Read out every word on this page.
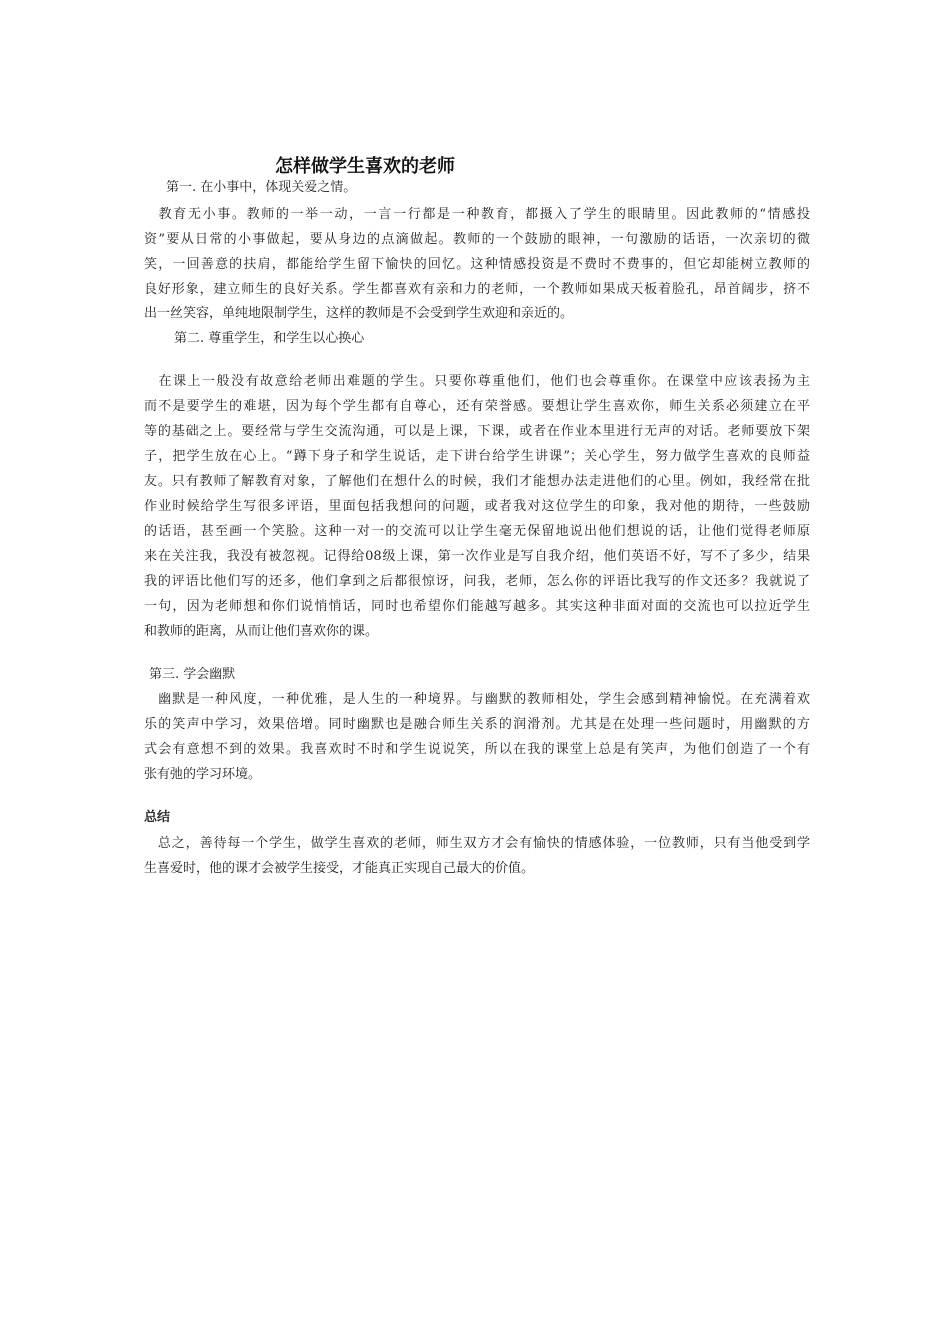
怎样做学生喜欢的老师
第一. 在小事中，体现关爱之情。
　教育无小事。教师的一举一动，一言一行都是一种教育，都摄入了学生的眼睛里。因此教师的“情感投
资”要从日常的小事做起，要从身边的点滴做起。教师的一个鼓励的眼神，一句激励的话语，一次亲切的微
笑，一回善意的扶肩，都能给学生留下愉快的回忆。这种情感投资是不费时不费事的，但它却能树立教师的
良好形象，建立师生的良好关系。学生都喜欢有亲和力的老师，一个教师如果成天板着脸孔，昂首阔步，挤不
出一丝笑容，单纯地限制学生，这样的教师是不会受到学生欢迎和亲近的。
第二. 尊重学生，和学生以心换心
　在课上一般没有故意给老师出难题的学生。只要你尊重他们，他们也会尊重你。在课堂中应该表扬为主
而不是要学生的难堪，因为每个学生都有自尊心，还有荣誉感。要想让学生喜欢你，师生关系必须建立在平
等的基础之上。要经常与学生交流沟通，可以是上课，下课，或者在作业本里进行无声的对话。老师要放下架
子，把学生放在心上。“蹲下身子和学生说话，走下讲台给学生讲课”；关心学生，努力做学生喜欢的良师益
友。只有教师了解教育对象，了解他们在想什么的时候，我们才能想办法走进他们的心里。例如，我经常在批
作业时候给学生写很多评语，里面包括我想问的问题，或者我对这位学生的印象，我对他的期待，一些鼓励
的话语，甚至画一个笑脸。这种一对一的交流可以让学生毫无保留地说出他们想说的话，让他们觉得老师原
来在关注我，我没有被忽视。记得给08级上课，第一次作业是写自我介绍，他们英语不好，写不了多少，结果
我的评语比他们写的还多，他们拿到之后都很惊讶，问我，老师，怎么你的评语比我写的作文还多？我就说了
一句，因为老师想和你们说悄悄话，同时也希望你们能越写越多。其实这种非面对面的交流也可以拉近学生
和教师的距离，从而让他们喜欢你的课。
第三. 学会幽默
　幽默是一种风度，一种优雅，是人生的一种境界。与幽默的教师相处，学生会感到精神愉悦。在充满着欢
乐的笑声中学习，效果倍增。同时幽默也是融合师生关系的润滑剂。尤其是在处理一些问题时，用幽默的方
式会有意想不到的效果。我喜欢时不时和学生说说笑，所以在我的课堂上总是有笑声，为他们创造了一个有
张有弛的学习环境。
总结
　总之，善待每一个学生，做学生喜欢的老师，师生双方才会有愉快的情感体验，一位教师，只有当他受到学
生喜爱时，他的课才会被学生接受，才能真正实现自己最大的价值。
